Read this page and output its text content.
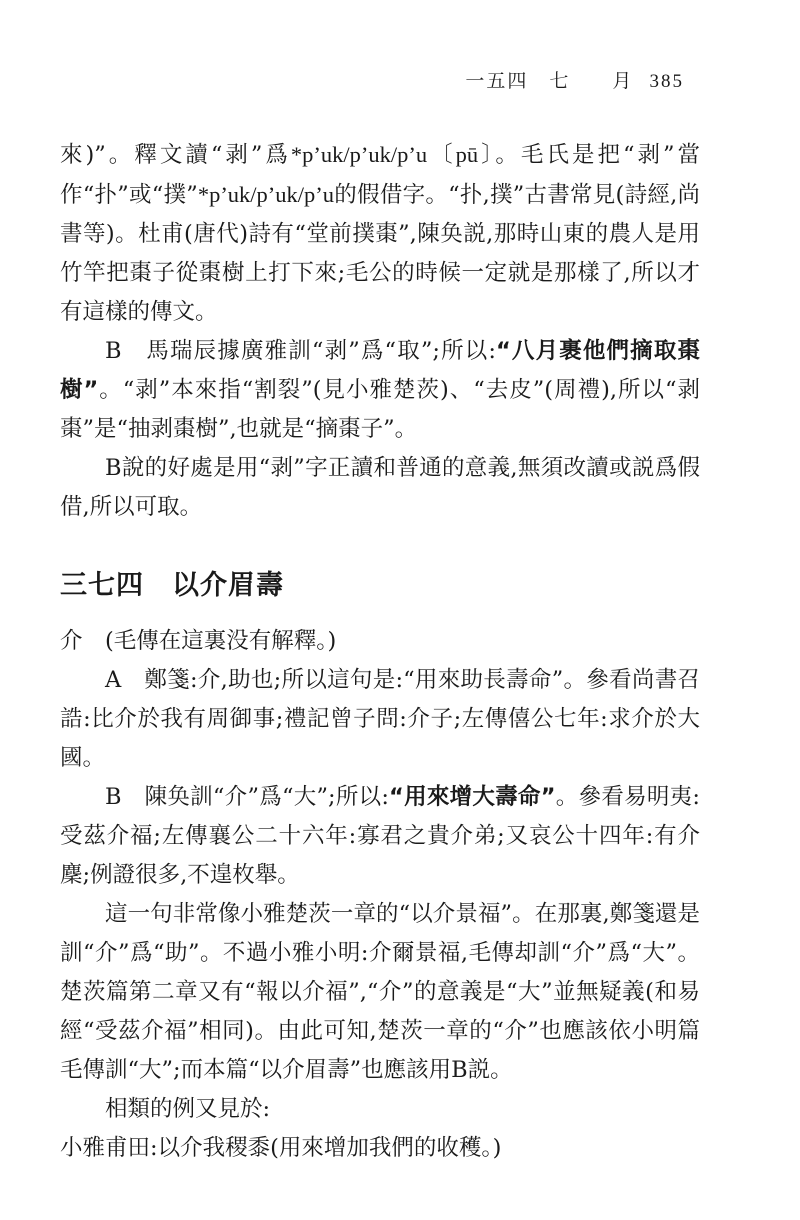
一五四　七　　月 385

來)”。釋文讀“剥”爲*p’uk/p’uk/p’u〔pū〕。毛氏是把“剥”當作“扑”或“撲”*p’uk/p’uk/p’u的假借字。“扑,撲”古書常見(詩經,尚書等)。杜甫(唐代)詩有“堂前撲棗”,陳奂説,那時山東的農人是用竹竿把棗子從棗樹上打下來;毛公的時候一定就是那樣了,所以才有這樣的傳文。

B　馬瑞辰據廣雅訓“剥”爲“取”;所以:“八月裹他們摘取棗樹”。“剥”本來指“割裂”(見小雅楚茨)、“去皮”(周禮),所以“剥棗”是“抽剥棗樹”,也就是“摘棗子”。

B說的好處是用“剥”字正讀和普通的意義,無須改讀或説爲假借,所以可取。

三七四　以介眉壽

介　(毛傳在這裏没有解釋。)

A　鄭箋:介,助也;所以這句是:“用來助長壽命”。參看尚書召誥:比介於我有周御事;禮記曾子問:介子;左傳僖公七年:求介於大國。

B　陳奂訓“介”爲“大”;所以:“用來增大壽命”。參看易明夷:受茲介福;左傳襄公二十六年:寡君之貴介弟;又哀公十四年:有介麇;例證很多,不遑枚舉。

這一句非常像小雅楚茨一章的“以介景福”。在那裏,鄭箋還是訓“介”爲“助”。不過小雅小明:介爾景福,毛傳却訓“介”爲“大”。楚茨篇第二章又有“報以介福”,“介”的意義是“大”並無疑義(和易經“受茲介福”相同)。由此可知,楚茨一章的“介”也應該依小明篇毛傳訓“大”;而本篇“以介眉壽”也應該用B説。

相類的例又見於:

小雅甫田:以介我稷黍(用來增加我們的收穫。)
